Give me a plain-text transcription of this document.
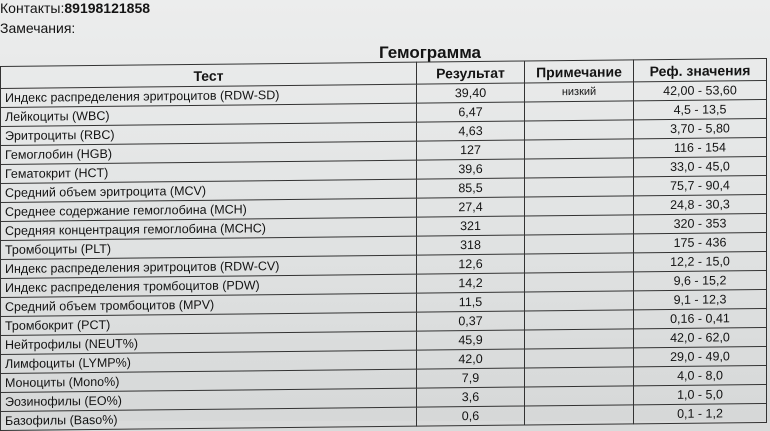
Контакты:89198121858
Замечания:
Гемограмма
Тест	Результат	Примечание	Реф. значения
Индекс распределения эритроцитов (RDW-SD)	39,40	низкий	42,00 - 53,60
Лейкоциты (WBC)	6,47		4,5 - 13,5
Эритроциты (RBC)	4,63		3,70 - 5,80
Гемоглобин (HGB)	127		116 - 154
Гематокрит (HCT)	39,6		33,0 - 45,0
Средний объем эритроцита (MCV)	85,5		75,7 - 90,4
Среднее содержание гемоглобина (MCH)	27,4		24,8 - 30,3
Средняя концентрация гемоглобина (MCHC)	321		320 - 353
Тромбоциты (PLT)	318		175 - 436
Индекс распределения эритроцитов (RDW-CV)	12,6		12,2 - 15,0
Индекс распределения тромбоцитов (PDW)	14,2		9,6 - 15,2
Средний объем тромбоцитов (MPV)	11,5		9,1 - 12,3
Тромбокрит (PCT)	0,37		0,16 - 0,41
Нейтрофилы (NEUT%)	45,9		42,0 - 62,0
Лимфоциты (LYMP%)	42,0		29,0 - 49,0
Моноциты (Mono%)	7,9		4,0 - 8,0
Эозинофилы (EO%)	3,6		1,0 - 5,0
Базофилы (Baso%)	0,6		0,1 - 1,2
